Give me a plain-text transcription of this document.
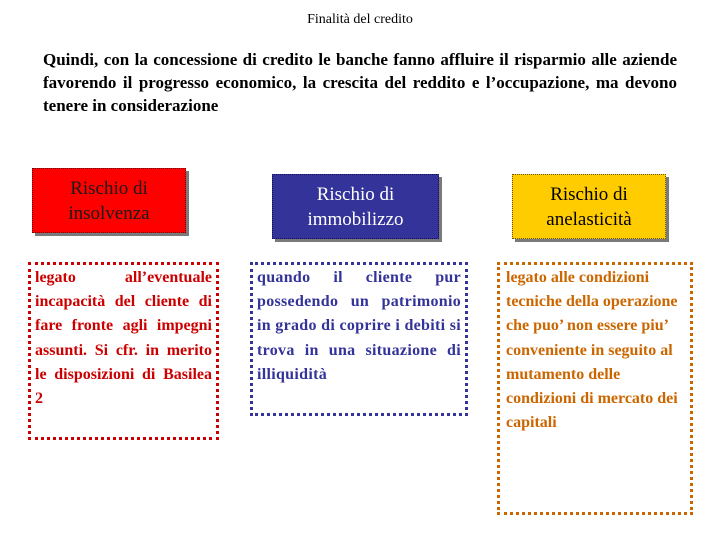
Finalità del credito
Quindi, con la concessione di credito le banche fanno affluire il risparmio alle aziende favorendo il progresso economico, la crescita del reddito e l’occupazione, ma devono tenere in considerazione
Rischio di
insolvenza
Rischio di
immobilizzo
Rischio di
anelasticità
legato all’eventuale incapacità del cliente di fare fronte agli impegni assunti. Si cfr. in merito le disposizioni di Basilea 2
quando il cliente pur possedendo un patrimonio in grado di coprire i debiti si trova in una situazione di illiquidità
legato alle condizioni tecniche della operazione che puo’ non essere piu’ conveniente in seguito al mutamento delle condizioni di mercato dei capitali
